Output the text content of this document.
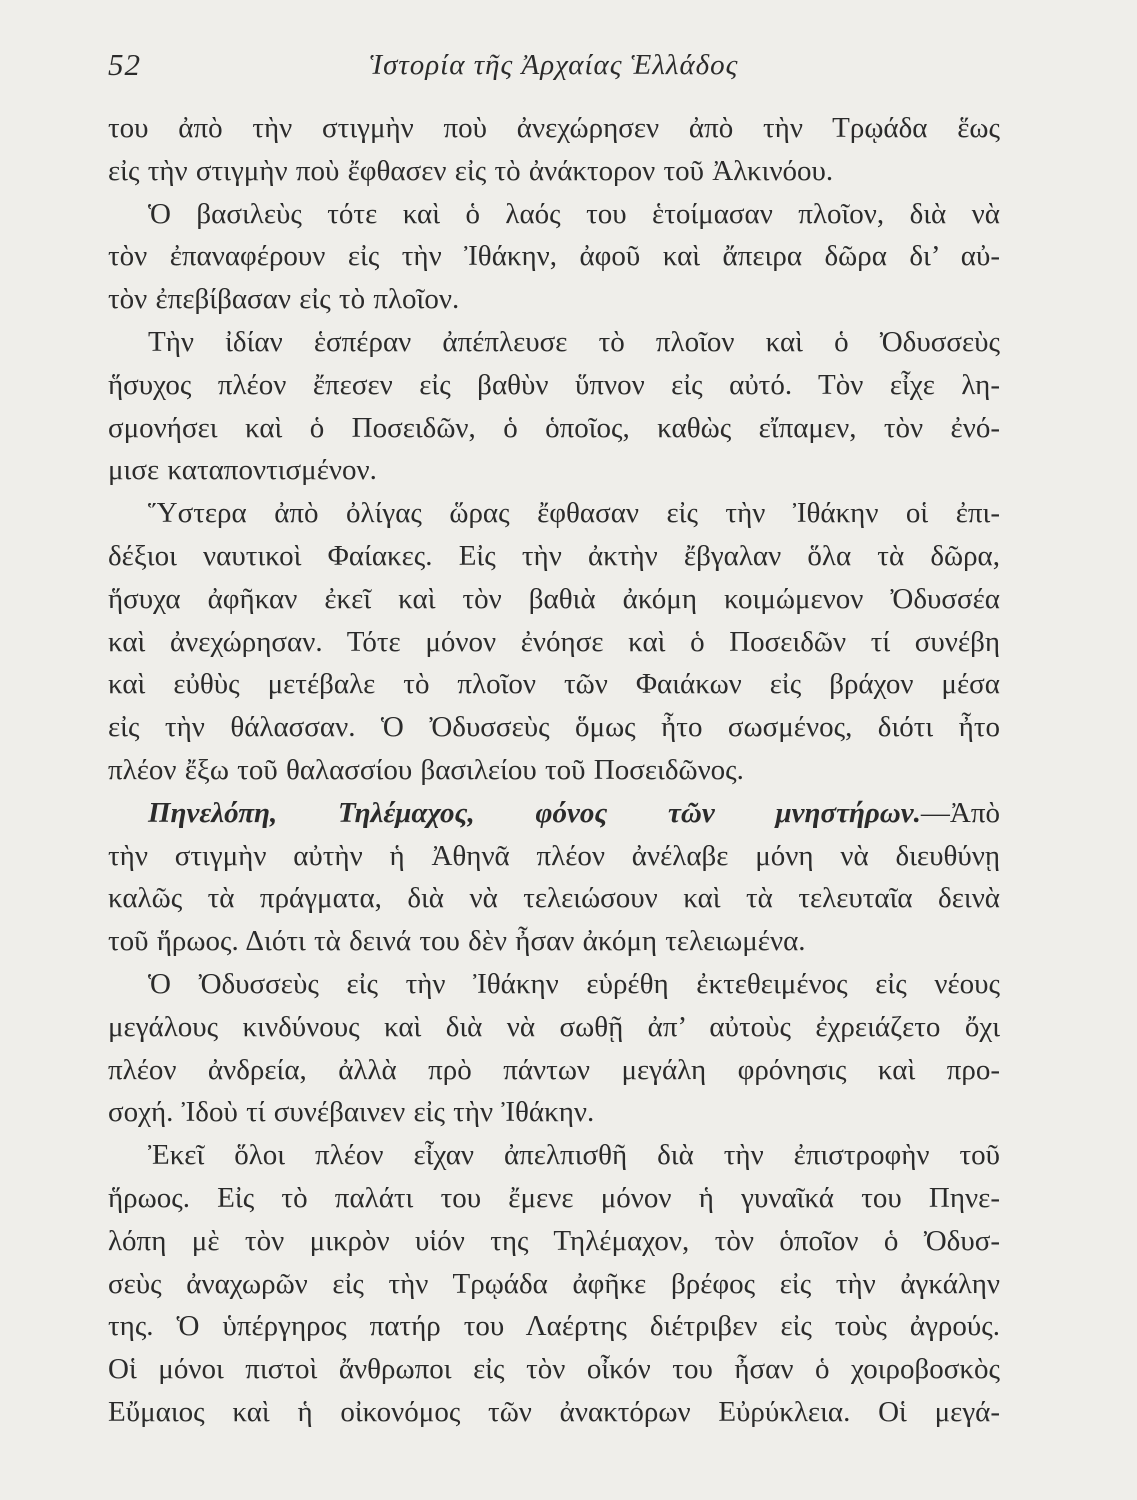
52	Ἱστορία τῆς Ἀρχαίας Ἑλλάδος
του ἀπὸ τὴν στιγμὴν ποὺ ἀνεχώρησεν ἀπὸ τὴν Τρῳάδα ἕως
εἰς τὴν στιγμὴν ποὺ ἔφθασεν εἰς τὸ ἀνάκτορον τοῦ Ἀλκινόου.
Ὁ βασιλεὺς τότε καὶ ὁ λαός του ἑτοίμασαν πλοῖον, διὰ νὰ
τὸν ἐπαναφέρουν εἰς τὴν Ἰθάκην, ἀφοῦ καὶ ἄπειρα δῶρα δι’ αὐ-
τὸν ἐπεβίβασαν εἰς τὸ πλοῖον.
Τὴν ἰδίαν ἑσπέραν ἀπέπλευσε τὸ πλοῖον καὶ ὁ Ὀδυσσεὺς
ἥσυχος πλέον ἔπεσεν εἰς βαθὺν ὕπνον εἰς αὐτό. Τὸν εἶχε λη-
σμονήσει καὶ ὁ Ποσειδῶν, ὁ ὁποῖος, καθὼς εἴπαμεν, τὸν ἐνό-
μισε καταποντισμένον.
Ὕστερα ἀπὸ ὀλίγας ὥρας ἔφθασαν εἰς τὴν Ἰθάκην οἱ ἐπι-
δέξιοι ναυτικοὶ Φαίακες. Εἰς τὴν ἀκτὴν ἔβγαλαν ὅλα τὰ δῶρα,
ἥσυχα ἀφῆκαν ἐκεῖ καὶ τὸν βαθιὰ ἀκόμη κοιμώμενον Ὀδυσσέα
καὶ ἀνεχώρησαν. Τότε μόνον ἐνόησε καὶ ὁ Ποσειδῶν τί συνέβη
καὶ εὐθὺς μετέβαλε τὸ πλοῖον τῶν Φαιάκων εἰς βράχον μέσα
εἰς τὴν θάλασσαν. Ὁ Ὀδυσσεὺς ὅμως ἦτο σωσμένος, διότι ἦτο
πλέον ἔξω τοῦ θαλασσίου βασιλείου τοῦ Ποσειδῶνος.
Πηνελόπη, Τηλέμαχος, φόνος τῶν μνηστήρων.—Ἀπὸ
τὴν στιγμὴν αὐτὴν ἡ Ἀθηνᾶ πλέον ἀνέλαβε μόνη νὰ διευθύνῃ
καλῶς τὰ πράγματα, διὰ νὰ τελειώσουν καὶ τὰ τελευταῖα δεινὰ
τοῦ ἥρωος. Διότι τὰ δεινά του δὲν ἦσαν ἀκόμη τελειωμένα.
Ὁ Ὀδυσσεὺς εἰς τὴν Ἰθάκην εὑρέθη ἐκτεθειμένος εἰς νέους
μεγάλους κινδύνους καὶ διὰ νὰ σωθῇ ἀπ’ αὐτοὺς ἐχρειάζετο ὄχι
πλέον ἀνδρεία, ἀλλὰ πρὸ πάντων μεγάλη φρόνησις καὶ προ-
σοχή. Ἰδοὺ τί συνέβαινεν εἰς τὴν Ἰθάκην.
Ἐκεῖ ὅλοι πλέον εἶχαν ἀπελπισθῆ διὰ τὴν ἐπιστροφὴν τοῦ
ἥρωος. Εἰς τὸ παλάτι του ἔμενε μόνον ἡ γυναῖκά του Πηνε-
λόπη μὲ τὸν μικρὸν υἱόν της Τηλέμαχον, τὸν ὁποῖον ὁ Ὀδυσ-
σεὺς ἀναχωρῶν εἰς τὴν Τρῳάδα ἀφῆκε βρέφος εἰς τὴν ἀγκάλην
της. Ὁ ὑπέργηρος πατήρ του Λαέρτης διέτριβεν εἰς τοὺς ἀγρούς.
Οἱ μόνοι πιστοὶ ἄνθρωποι εἰς τὸν οἶκόν του ἦσαν ὁ χοιροβοσκὸς
Εὔμαιος καὶ ἡ οἰκονόμος τῶν ἀνακτόρων Εὐρύκλεια. Οἱ μεγά-
